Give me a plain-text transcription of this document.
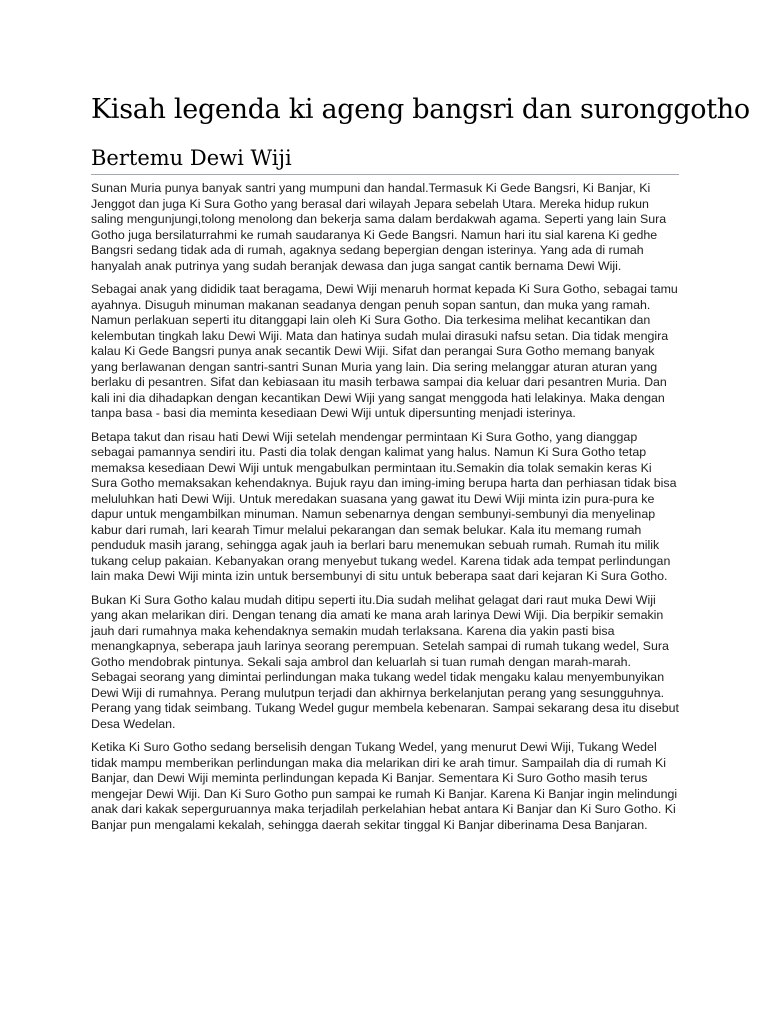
Kisah legenda ki ageng bangsri dan suronggotho
Bertemu Dewi Wiji

Sunan Muria punya banyak santri yang mumpuni dan handal.Termasuk Ki Gede Bangsri, Ki Banjar, Ki Jenggot dan juga Ki Sura Gotho yang berasal dari wilayah Jepara sebelah Utara. Mereka hidup rukun saling mengunjungi,tolong menolong dan bekerja sama dalam berdakwah agama. Seperti yang lain Sura Gotho juga bersilaturrahmi ke rumah saudaranya Ki Gede Bangsri. Namun hari itu sial karena Ki gedhe Bangsri sedang tidak ada di rumah, agaknya sedang bepergian dengan isterinya. Yang ada di rumah hanyalah anak putrinya yang sudah beranjak dewasa dan juga sangat cantik bernama Dewi Wiji.

Sebagai anak yang dididik taat beragama, Dewi Wiji menaruh hormat kepada Ki Sura Gotho, sebagai tamu ayahnya. Disuguh minuman makanan seadanya dengan penuh sopan santun, dan muka yang ramah. Namun perlakuan seperti itu ditanggapi lain oleh Ki Sura Gotho. Dia terkesima melihat kecantikan dan kelembutan tingkah laku Dewi Wiji. Mata dan hatinya sudah mulai dirasuki nafsu setan. Dia tidak mengira kalau Ki Gede Bangsri punya anak secantik Dewi Wiji. Sifat dan perangai Sura Gotho memang banyak yang berlawanan dengan santri-santri Sunan Muria yang lain. Dia sering melanggar aturan aturan yang berlaku di pesantren. Sifat dan kebiasaan itu masih terbawa sampai dia keluar dari pesantren Muria. Dan kali ini dia dihadapkan dengan kecantikan Dewi Wiji yang sangat menggoda hati lelakinya. Maka dengan tanpa basa - basi dia meminta kesediaan Dewi Wiji untuk dipersunting menjadi isterinya.

Betapa takut dan risau hati Dewi Wiji setelah mendengar permintaan Ki Sura Gotho, yang dianggap sebagai pamannya sendiri itu. Pasti dia tolak dengan kalimat yang halus. Namun Ki Sura Gotho tetap memaksa kesediaan Dewi Wiji untuk mengabulkan permintaan itu.Semakin dia tolak semakin keras Ki Sura Gotho memaksakan kehendaknya. Bujuk rayu dan iming-iming berupa harta dan perhiasan tidak bisa meluluhkan hati Dewi Wiji. Untuk meredakan suasana yang gawat itu Dewi Wiji minta izin pura-pura ke dapur untuk mengambilkan minuman. Namun sebenarnya dengan sembunyi-sembunyi dia menyelinap kabur dari rumah, lari kearah Timur melalui pekarangan dan semak belukar. Kala itu memang rumah penduduk masih jarang, sehingga agak jauh ia berlari baru menemukan sebuah rumah. Rumah itu milik tukang celup pakaian. Kebanyakan orang menyebut tukang wedel. Karena tidak ada tempat perlindungan lain maka Dewi Wiji minta izin untuk bersembunyi di situ untuk beberapa saat dari kejaran Ki Sura Gotho.

Bukan Ki Sura Gotho kalau mudah ditipu seperti itu.Dia sudah melihat gelagat dari raut muka Dewi Wiji yang akan melarikan diri. Dengan tenang dia amati ke mana arah larinya Dewi Wiji. Dia berpikir semakin jauh dari rumahnya maka kehendaknya semakin mudah terlaksana. Karena dia yakin pasti bisa menangkapnya, seberapa jauh larinya seorang perempuan. Setelah sampai di rumah tukang wedel, Sura Gotho mendobrak pintunya. Sekali saja ambrol dan keluarlah si tuan rumah dengan marah-marah. Sebagai seorang yang dimintai perlindungan maka tukang wedel tidak mengaku kalau menyembunyikan Dewi Wiji di rumahnya. Perang mulutpun terjadi dan akhirnya berkelanjutan perang yang sesungguhnya. Perang yang tidak seimbang. Tukang Wedel gugur membela kebenaran. Sampai sekarang desa itu disebut Desa Wedelan.

Ketika Ki Suro Gotho sedang berselisih dengan Tukang Wedel, yang menurut Dewi Wiji, Tukang Wedel tidak mampu memberikan perlindungan maka dia melarikan diri ke arah timur. Sampailah dia di rumah Ki Banjar, dan Dewi Wiji meminta perlindungan kepada Ki Banjar. Sementara Ki Suro Gotho masih terus mengejar Dewi Wiji. Dan Ki Suro Gotho pun sampai ke rumah Ki Banjar. Karena Ki Banjar ingin melindungi anak dari kakak seperguruannya maka terjadilah perkelahian hebat antara Ki Banjar dan Ki Suro Gotho. Ki Banjar pun mengalami kekalah, sehingga daerah sekitar tinggal Ki Banjar diberinama Desa Banjaran.
